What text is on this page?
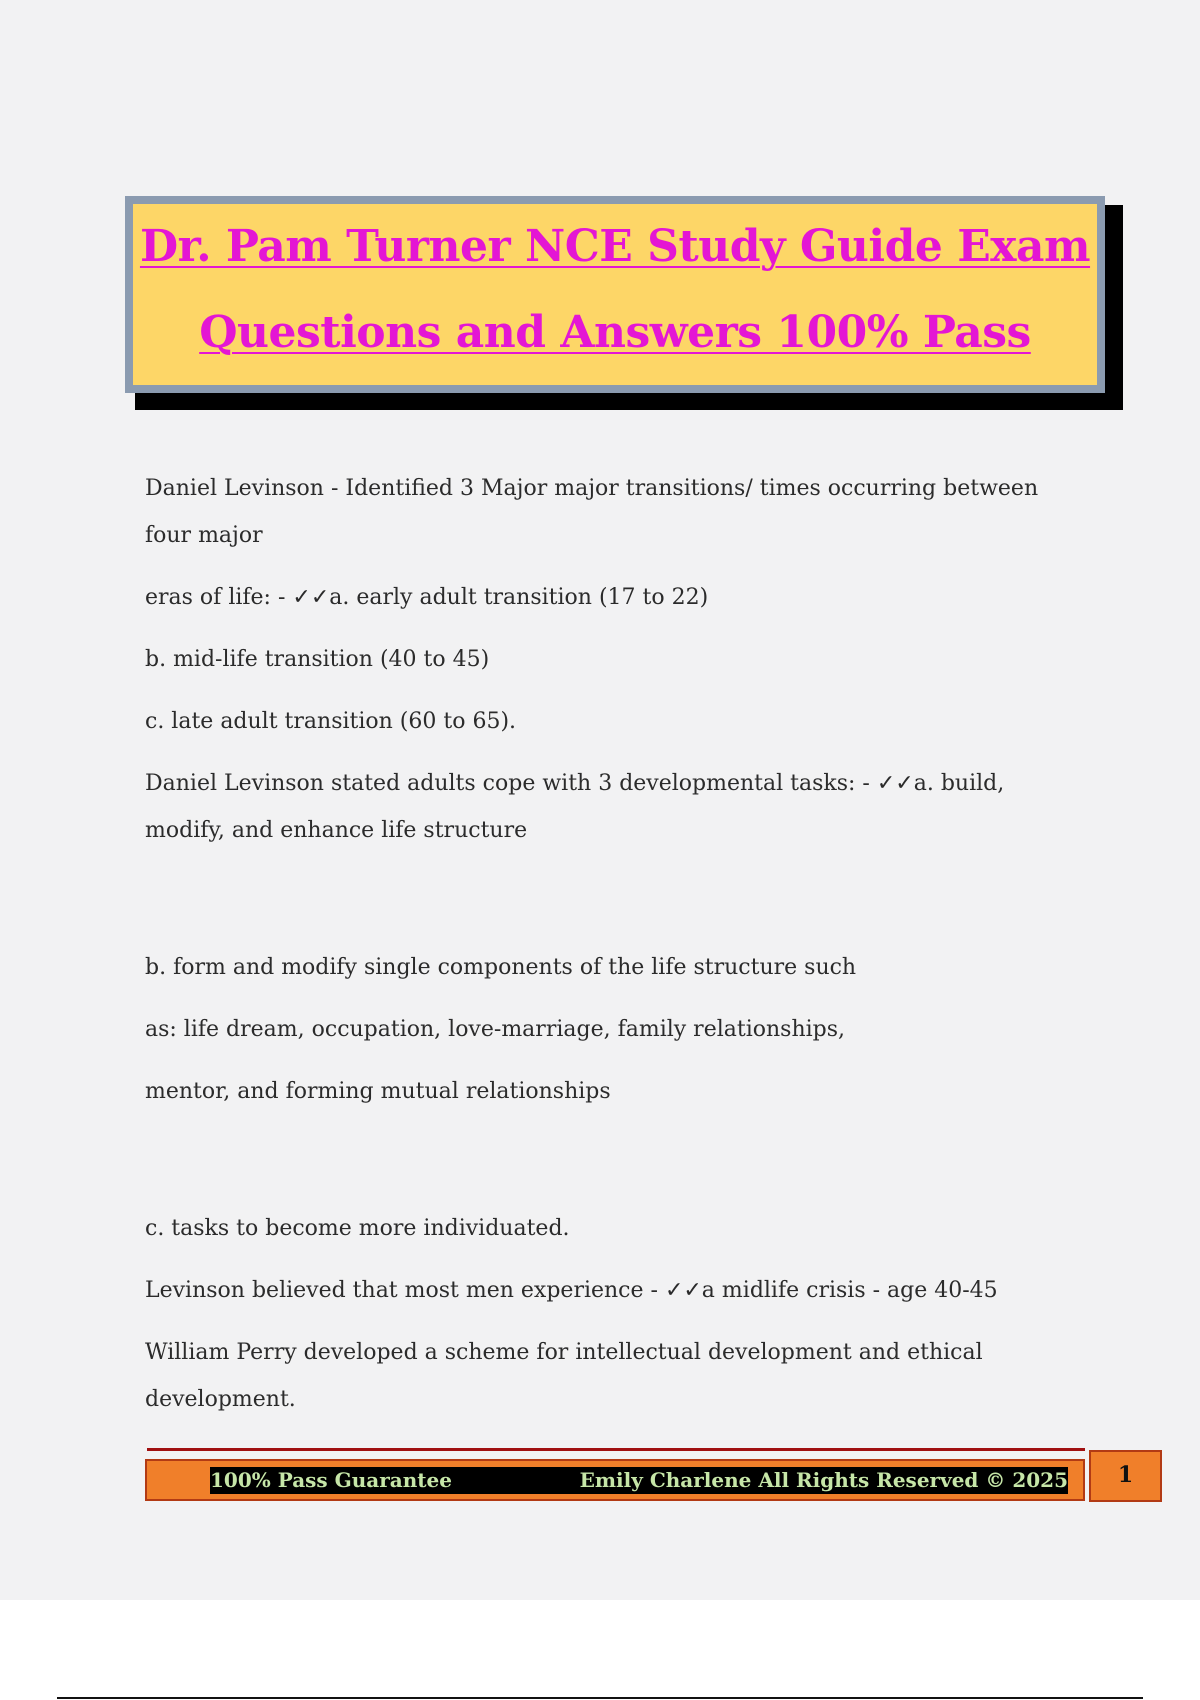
Dr. Pam Turner NCE Study Guide Exam
Questions and Answers 100% Pass

Daniel Levinson - Identified 3 Major major transitions/ times occurring between four major

eras of life: - ✓✓a. early adult transition (17 to 22)

b. mid-life transition (40 to 45)

c. late adult transition (60 to 65).

Daniel Levinson stated adults cope with 3 developmental tasks: - ✓✓a. build, modify, and enhance life structure

b. form and modify single components of the life structure such

as: life dream, occupation, love-marriage, family relationships,

mentor, and forming mutual relationships

c. tasks to become more individuated.

Levinson believed that most men experience - ✓✓a midlife crisis - age 40-45

William Perry developed a scheme for intellectual development and ethical development.

100% Pass Guarantee	Emily Charlene All Rights Reserved © 2025	1
